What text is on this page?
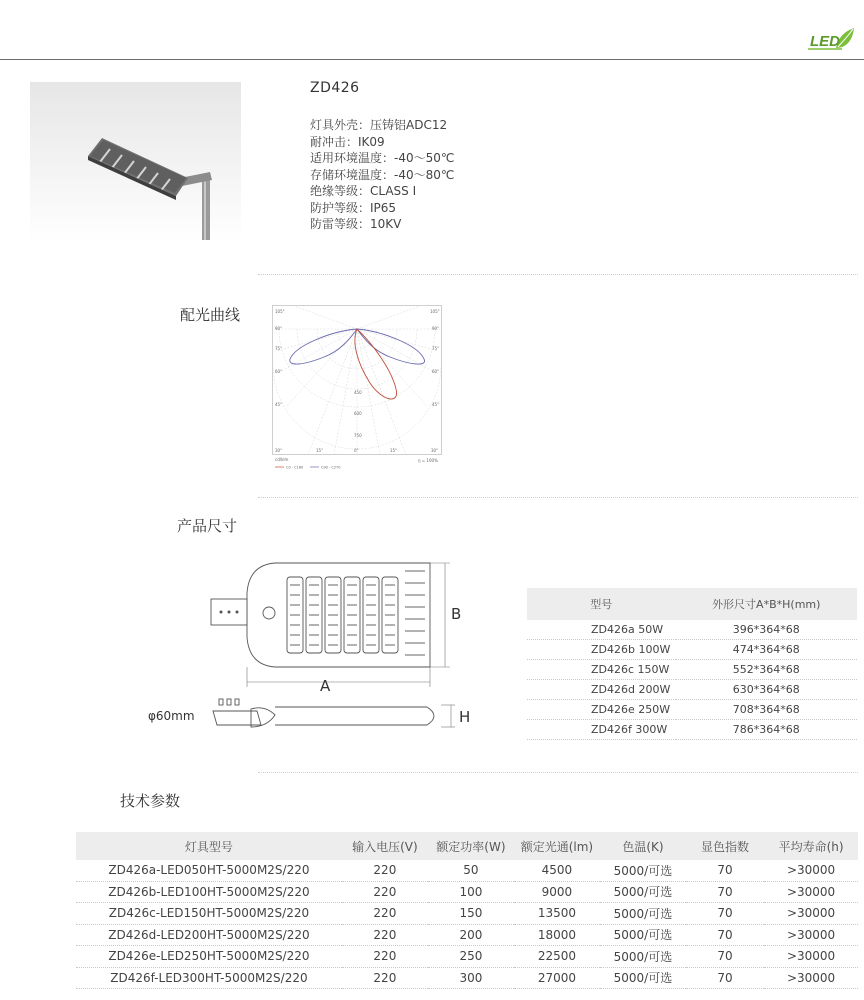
LED
ZD426
灯具外壳：压铸铝ADC12
耐冲击：IK09
适用环境温度：-40～50℃
存储环境温度：-40～80℃
绝缘等级：CLASS Ⅰ
防护等级：IP65
防雷等级：10KV
配光曲线	105°	105°
90°
75°
60°
45°
90°
75°
60°
45°
30°	15°	0°	15°	30°
450
600
750
cd/klm	η = 100%
C0 - C180	C90 - C270
产品尺寸
B
A
H
φ60mm
型号	外形尺寸A*B*H(mm)
ZD426a 50W	396*364*68
ZD426b 100W	474*364*68
ZD426c 150W	552*364*68
ZD426d 200W	630*364*68
ZD426e 250W	708*364*68
ZD426f 300W	786*364*68
技术参数
灯具型号	输入电压(V)	额定功率(W)	额定光通(lm)	色温(K)	显色指数	平均寿命(h)
ZD426a-LED050HT-5000M2S/220	220	50	4500	5000/可选	70	>30000
ZD426b-LED100HT-5000M2S/220	220	100	9000	5000/可选	70	>30000
ZD426c-LED150HT-5000M2S/220	220	150	13500	5000/可选	70	>30000
ZD426d-LED200HT-5000M2S/220	220	200	18000	5000/可选	70	>30000
ZD426e-LED250HT-5000M2S/220	220	250	22500	5000/可选	70	>30000
ZD426f-LED300HT-5000M2S/220	220	300	27000	5000/可选	70	>30000
